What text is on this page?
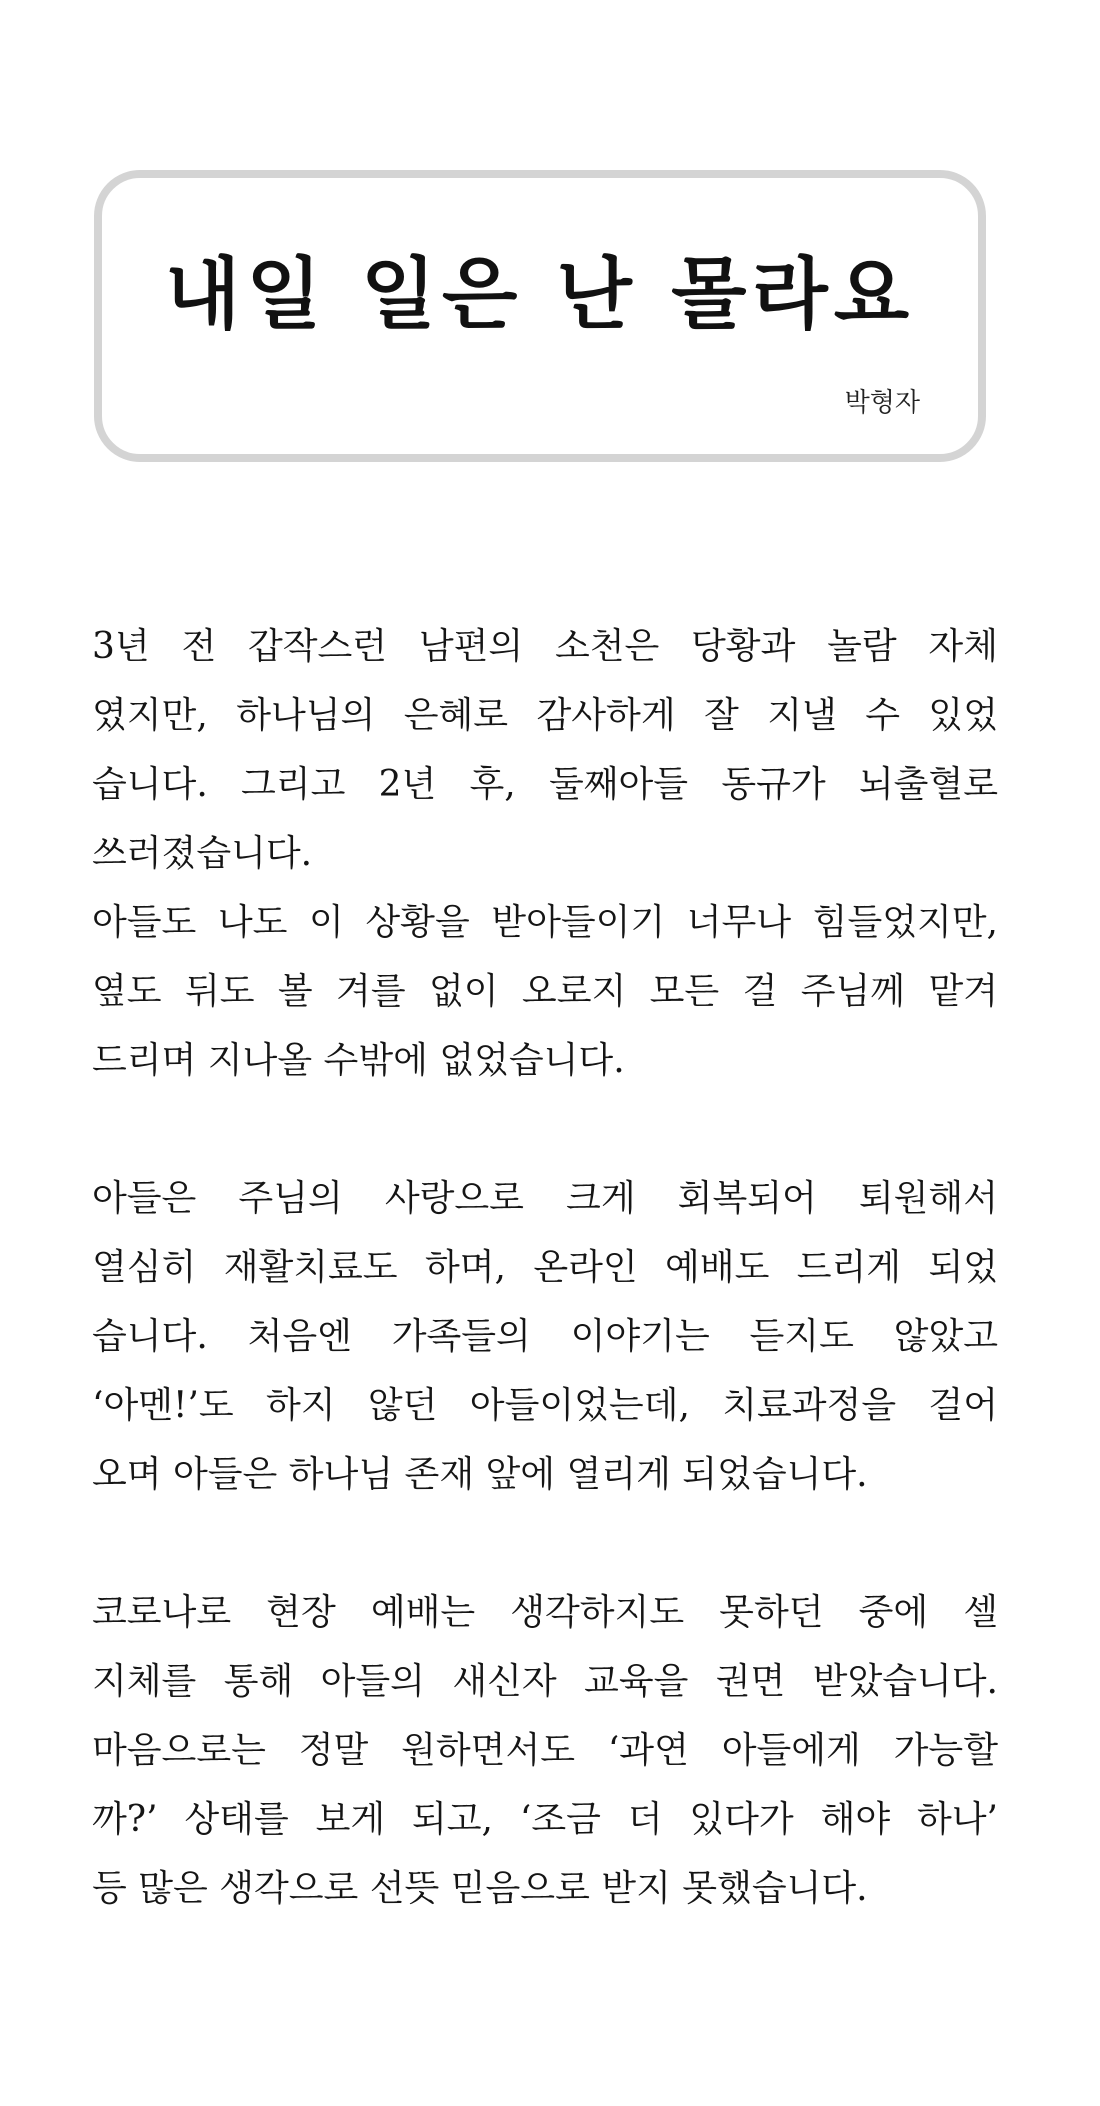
내일 일은 난 몰라요
박형자
3년 전 갑작스런 남편의 소천은 당황과 놀람 자체
였지만, 하나님의 은혜로 감사하게 잘 지낼 수 있었
습니다. 그리고 2년 후, 둘째아들 동규가 뇌출혈로
쓰러졌습니다.
아들도 나도 이 상황을 받아들이기 너무나 힘들었지만,
옆도 뒤도 볼 겨를 없이 오로지 모든 걸 주님께 맡겨
드리며 지나올 수밖에 없었습니다.
아들은 주님의 사랑으로 크게 회복되어 퇴원해서
열심히 재활치료도 하며, 온라인 예배도 드리게 되었
습니다. 처음엔 가족들의 이야기는 듣지도 않았고
‘아멘!’도 하지 않던 아들이었는데, 치료과정을 걸어
오며 아들은 하나님 존재 앞에 열리게 되었습니다.
코로나로 현장 예배는 생각하지도 못하던 중에 셀
지체를 통해 아들의 새신자 교육을 권면 받았습니다.
마음으로는 정말 원하면서도 ‘과연 아들에게 가능할
까?’ 상태를 보게 되고, ‘조금 더 있다가 해야 하나’
등 많은 생각으로 선뜻 믿음으로 받지 못했습니다.
